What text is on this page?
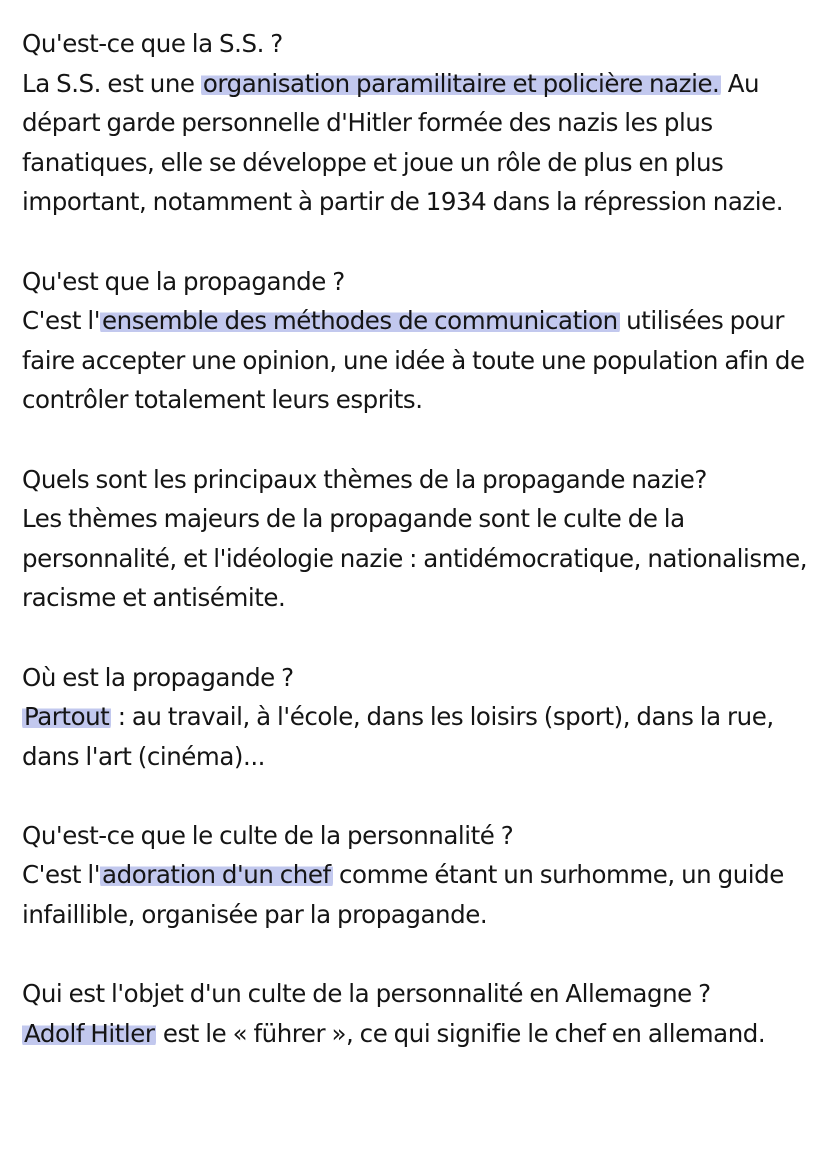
Qu'est-ce que la S.S. ?

La S.S. est une organisation paramilitaire et policière nazie. Au départ garde personnelle d'Hitler formée des nazis les plus fanatiques, elle se développe et joue un rôle de plus en plus important, notamment à partir de 1934 dans la répression nazie.

Qu'est que la propagande ?

C'est l'ensemble des méthodes de communication utilisées pour faire accepter une opinion, une idée à toute une population afin de contrôler totalement leurs esprits.

Quels sont les principaux thèmes de la propagande nazie?

Les thèmes majeurs de la propagande sont le culte de la personnalité, et l'idéologie nazie : antidémocratique, nationalisme, racisme et antisémite.

Où est la propagande ?

Partout : au travail, à l'école, dans les loisirs (sport), dans la rue, dans l'art (cinéma)...

Qu'est-ce que le culte de la personnalité ?

C'est l'adoration d'un chef comme étant un surhomme, un guide infaillible, organisée par la propagande.

Qui est l'objet d'un culte de la personnalité en Allemagne ?

Adolf Hitler est le « führer », ce qui signifie le chef en allemand.
